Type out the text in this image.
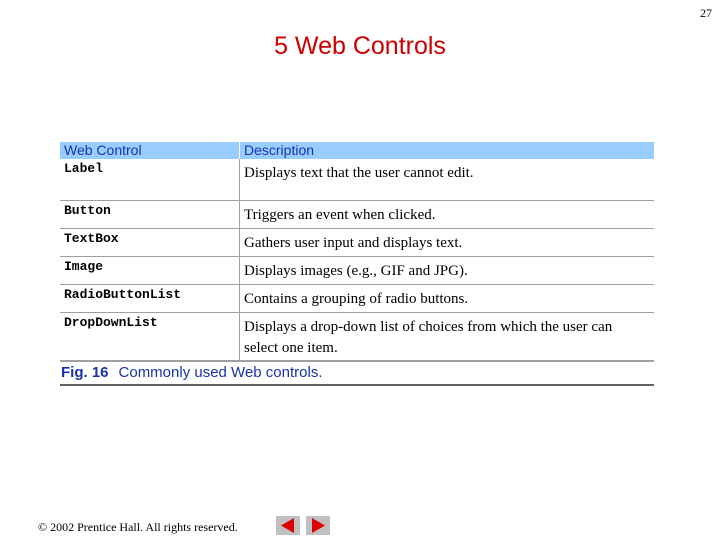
27
5 Web Controls
Web Control	Description
Label	Displays text that the user cannot edit.
Button	Triggers an event when clicked.
TextBox	Gathers user input and displays text.
Image	Displays images (e.g., GIF and JPG).
RadioButtonList	Contains a grouping of radio buttons.
DropDownList	Displays a drop-down list of choices from which the user can select one item.
Fig. 16 Commonly used Web controls.
© 2002 Prentice Hall. All rights reserved.
